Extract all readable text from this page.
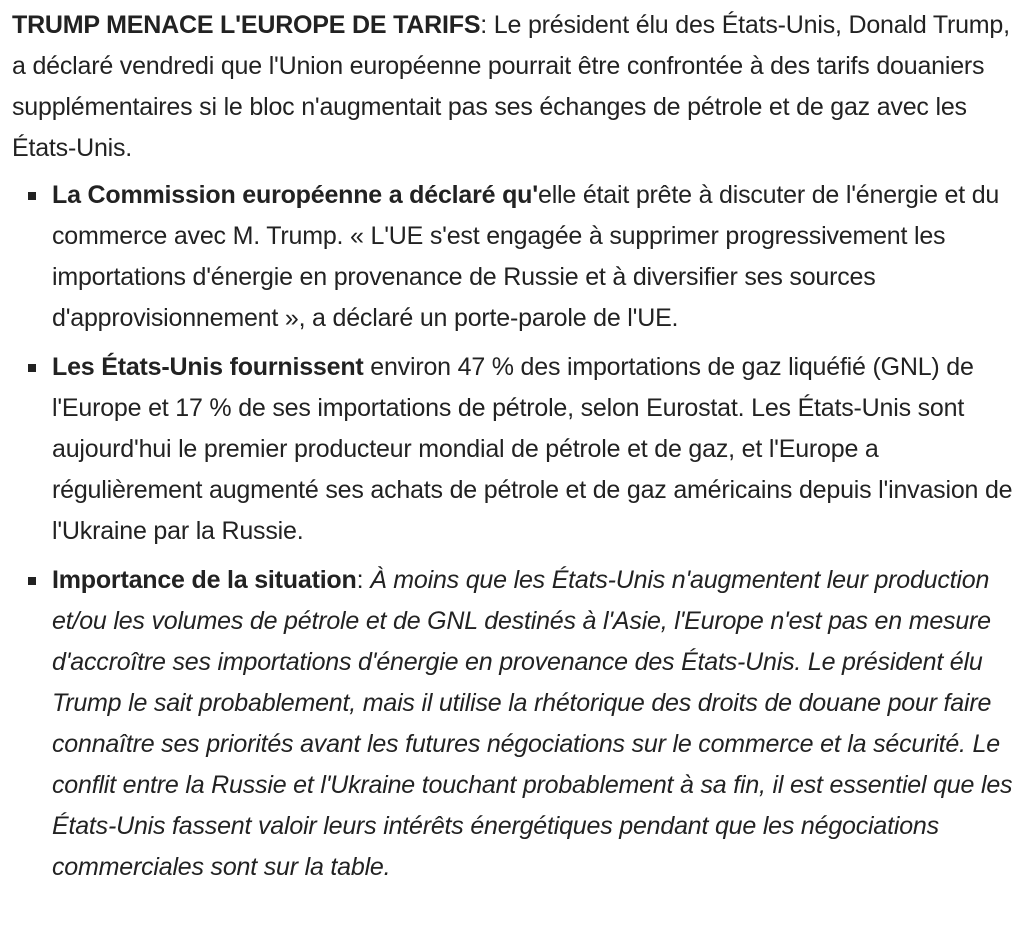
TRUMP MENACE L'EUROPE DE TARIFS: Le président élu des États-Unis, Donald Trump, a déclaré vendredi que l'Union européenne pourrait être confrontée à des tarifs douaniers supplémentaires si le bloc n'augmentait pas ses échanges de pétrole et de gaz avec les États-Unis.

La Commission européenne a déclaré qu'elle était prête à discuter de l'énergie et du commerce avec M. Trump. « L'UE s'est engagée à supprimer progressivement les importations d'énergie en provenance de Russie et à diversifier ses sources d'approvisionnement », a déclaré un porte-parole de l'UE.
Les États-Unis fournissent environ 47 % des importations de gaz liquéfié (GNL) de l'Europe et 17 % de ses importations de pétrole, selon Eurostat. Les États-Unis sont aujourd'hui le premier producteur mondial de pétrole et de gaz, et l'Europe a régulièrement augmenté ses achats de pétrole et de gaz américains depuis l'invasion de l'Ukraine par la Russie.
Importance de la situation: À moins que les États-Unis n'augmentent leur production et/ou les volumes de pétrole et de GNL destinés à l'Asie, l'Europe n'est pas en mesure d'accroître ses importations d'énergie en provenance des États-Unis. Le président élu Trump le sait probablement, mais il utilise la rhétorique des droits de douane pour faire connaître ses priorités avant les futures négociations sur le commerce et la sécurité. Le conflit entre la Russie et l'Ukraine touchant probablement à sa fin, il est essentiel que les États-Unis fassent valoir leurs intérêts énergétiques pendant que les négociations commerciales sont sur la table.
